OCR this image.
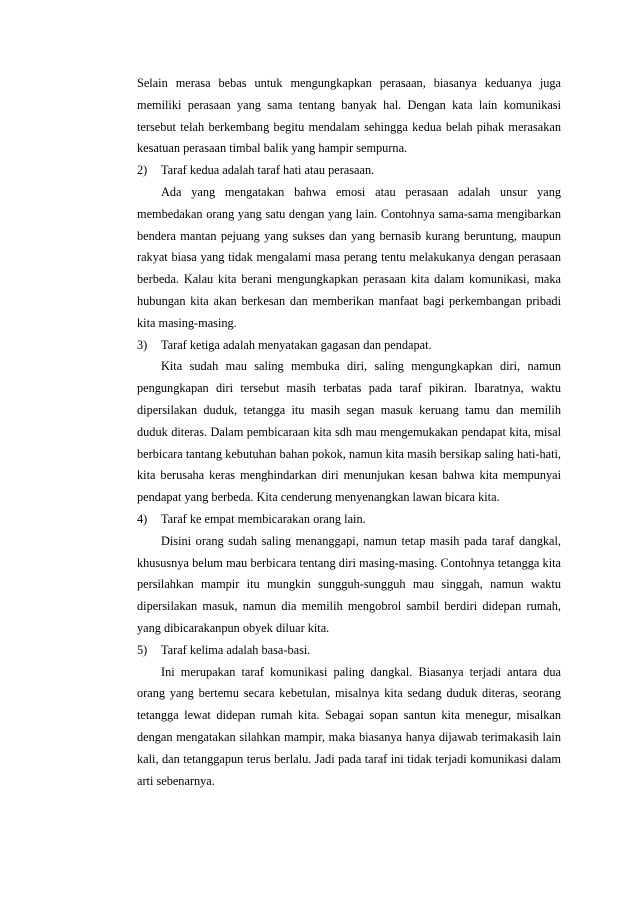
Selain merasa bebas untuk mengungkapkan perasaan, biasanya keduanya juga memiliki perasaan yang sama tentang banyak hal. Dengan kata lain komunikasi tersebut telah berkembang begitu mendalam sehingga kedua belah pihak merasakan kesatuan perasaan timbal balik yang hampir sempurna.

2)	Taraf kedua adalah taraf hati atau perasaan.

Ada yang mengatakan bahwa emosi atau perasaan adalah unsur yang membedakan orang yang satu dengan yang lain. Contohnya sama-sama mengibarkan bendera mantan pejuang yang sukses dan yang bernasib kurang beruntung, maupun rakyat biasa yang tidak mengalami masa perang tentu melakukanya dengan perasaan berbeda. Kalau kita berani mengungkapkan perasaan kita dalam komunikasi, maka hubungan kita akan berkesan dan memberikan manfaat bagi perkembangan pribadi kita masing-masing.

3)	Taraf ketiga adalah menyatakan gagasan dan pendapat.

Kita sudah mau saling membuka diri, saling mengungkapkan diri, namun pengungkapan diri tersebut masih terbatas pada taraf pikiran. Ibaratnya, waktu dipersilakan duduk, tetangga itu masih segan masuk keruang tamu dan memilih duduk diteras. Dalam pembicaraan kita sdh mau mengemukakan pendapat kita, misal berbicara tantang kebutuhan bahan pokok, namun kita masih bersikap saling hati-hati, kita berusaha keras menghindarkan diri menunjukan kesan bahwa kita mempunyai pendapat yang berbeda. Kita cenderung menyenangkan lawan bicara kita.

4)	Taraf ke empat membicarakan orang lain.

Disini orang sudah saling menanggapi, namun tetap masih pada taraf dangkal, khususnya belum mau berbicara tentang diri masing-masing. Contohnya tetangga kita persilahkan mampir itu mungkin sungguh-sungguh mau singgah, namun waktu dipersilakan masuk, namun dia memilih mengobrol sambil berdiri didepan rumah, yang dibicarakanpun obyek diluar kita.

5)	Taraf kelima adalah basa-basi.

Ini merupakan taraf komunikasi paling dangkal. Biasanya terjadi antara dua orang yang bertemu secara kebetulan, misalnya kita sedang duduk diteras, seorang tetangga lewat didepan rumah kita. Sebagai sopan santun kita menegur, misalkan dengan mengatakan silahkan mampir, maka biasanya hanya dijawab terimakasih lain kali, dan tetanggapun terus berlalu. Jadi pada taraf ini tidak terjadi komunikasi dalam arti sebenarnya.
